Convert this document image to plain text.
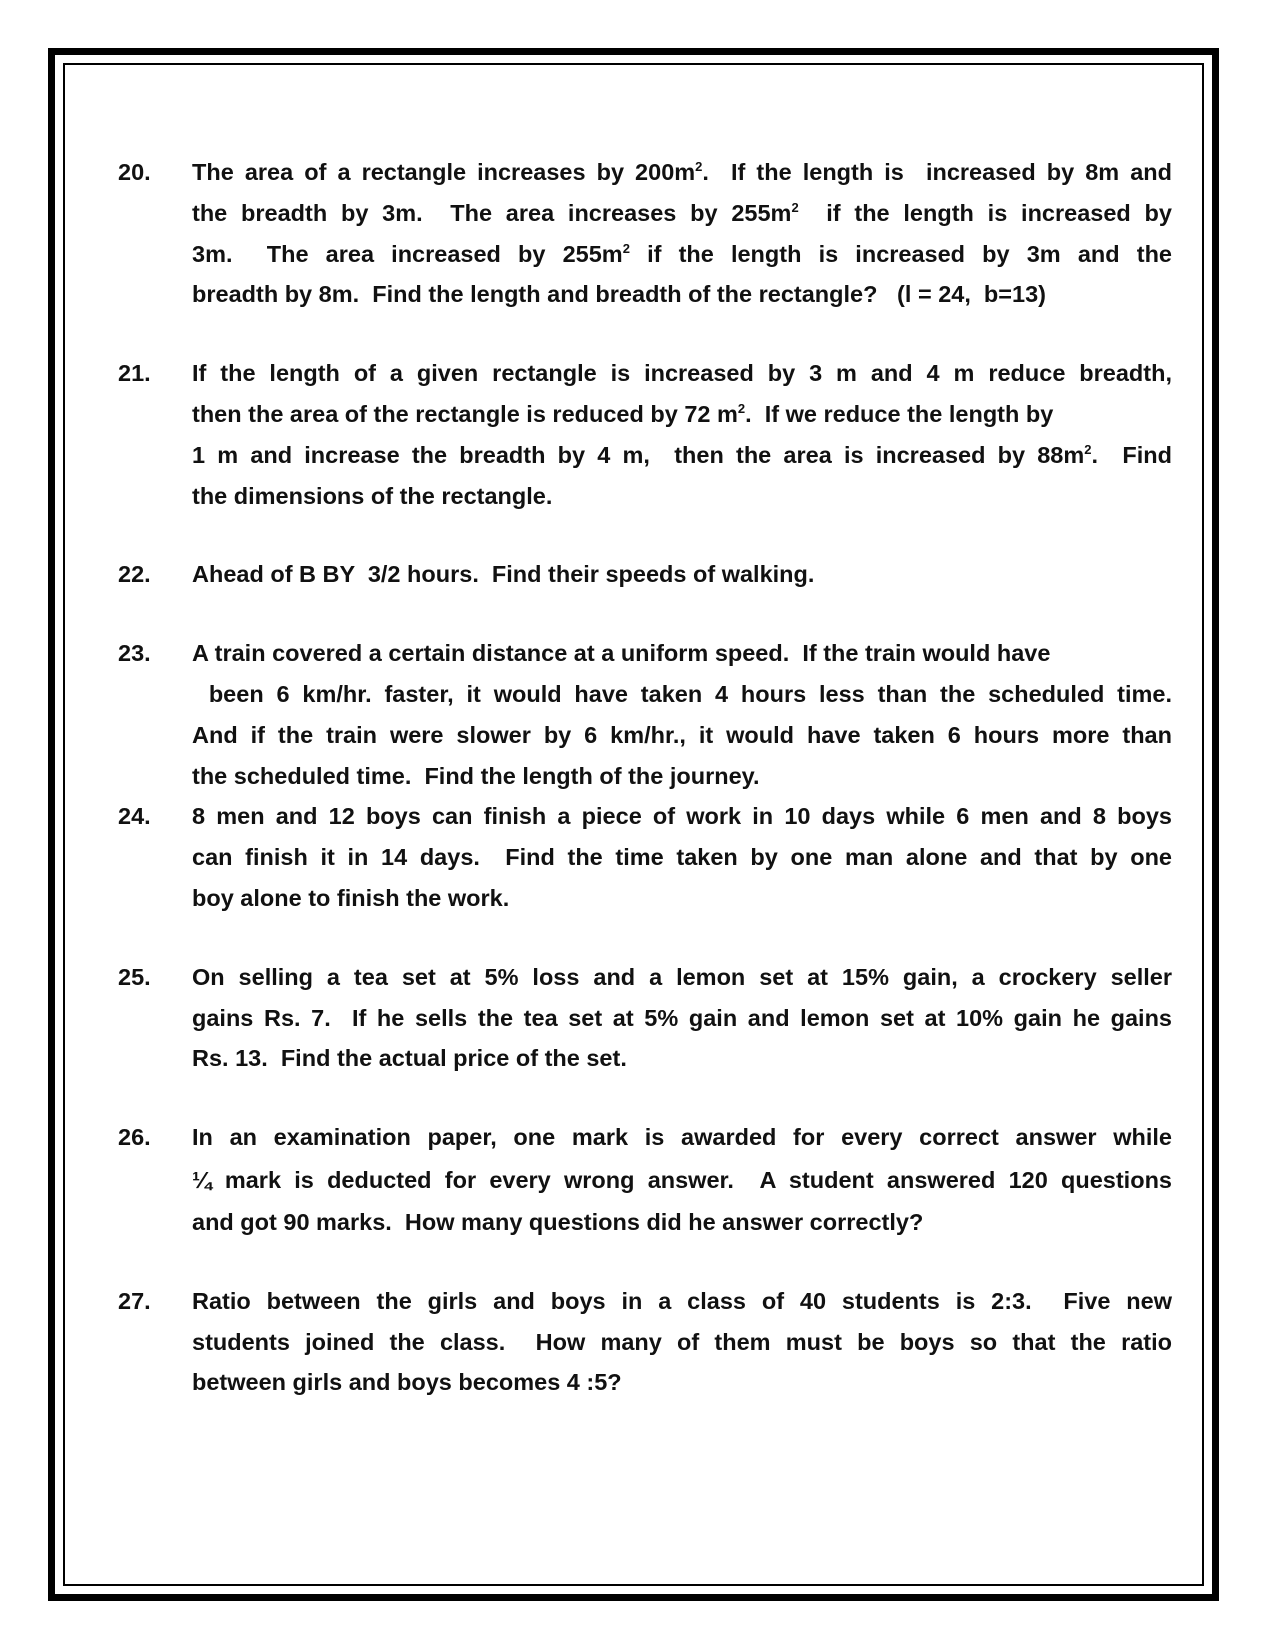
20.	The area of a rectangle increases by $200m^2$.  If the length is  increased by 8m and
the breadth by 3m.  The area increases by $255m^2$  if the length is increased by
3m.  The area increased by $255m^2$ if the length is increased by 3m and the
breadth by 8m.  Find the length and breadth of the rectangle?   (l = 24,  b=13)
21.	If the length of a given rectangle is increased by 3 m and 4 m reduce breadth,
then the area of the rectangle is reduced by 72 $m^2$.  If we reduce the length by
1 m and increase the breadth by 4 m,  then the area is increased by $88m^2$.  Find
the dimensions of the rectangle.
22.	Ahead of B BY  3/2 hours.  Find their speeds of walking.
23.	A train covered a certain distance at a uniform speed.  If the train would have
been 6 km/hr. faster, it would have taken 4 hours less than the scheduled time.
And if the train were slower by 6 km/hr., it would have taken 6 hours more than
the scheduled time.  Find the length of the journey.
24.	8 men and 12 boys can finish a piece of work in 10 days while 6 men and 8 boys
can finish it in 14 days.  Find the time taken by one man alone and that by one
boy alone to finish the work.
25.	On selling a tea set at 5% loss and a lemon set at 15% gain, a crockery seller
gains Rs. 7.  If he sells the tea set at 5% gain and lemon set at 10% gain he gains
Rs. 13.  Find the actual price of the set.
26.	In an examination paper, one mark is awarded for every correct answer while
¼ mark is deducted for every wrong answer.  A student answered 120 questions
and got 90 marks.  How many questions did he answer correctly?
27.	Ratio between the girls and boys in a class of 40 students is 2:3.  Five new
students joined the class.  How many of them must be boys so that the ratio
between girls and boys becomes 4 :5?
